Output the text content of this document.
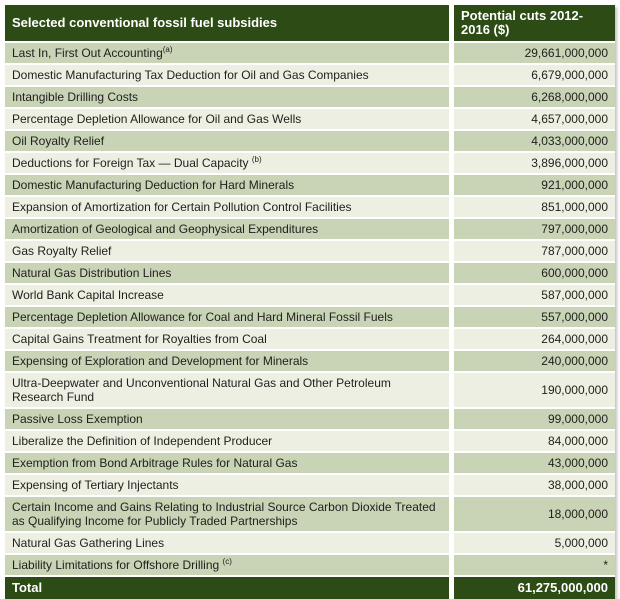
Selected conventional fossil fuel subsidies	Potential cuts 2012-2016 ($)
Last In, First Out Accounting$^{(a)}$	29,661,000,000
Domestic Manufacturing Tax Deduction for Oil and Gas Companies	6,679,000,000
Intangible Drilling Costs	6,268,000,000
Percentage Depletion Allowance for Oil and Gas Wells	4,657,000,000
Oil Royalty Relief	4,033,000,000
Deductions for Foreign Tax — Dual Capacity $^{(b)}$	3,896,000,000
Domestic Manufacturing Deduction for Hard Minerals	921,000,000
Expansion of Amortization for Certain Pollution Control Facilities	851,000,000
Amortization of Geological and Geophysical Expenditures	797,000,000
Gas Royalty Relief	787,000,000
Natural Gas Distribution Lines	600,000,000
World Bank Capital Increase	587,000,000
Percentage Depletion Allowance for Coal and Hard Mineral Fossil Fuels	557,000,000
Capital Gains Treatment for Royalties from Coal	264,000,000
Expensing of Exploration and Development for Minerals	240,000,000
Ultra-Deepwater and Unconventional Natural Gas and Other Petroleum Research Fund	190,000,000
Passive Loss Exemption	99,000,000
Liberalize the Definition of Independent Producer	84,000,000
Exemption from Bond Arbitrage Rules for Natural Gas	43,000,000
Expensing of Tertiary Injectants	38,000,000
Certain Income and Gains Relating to Industrial Source Carbon Dioxide Treated as Qualifying Income for Publicly Traded Partnerships	18,000,000
Natural Gas Gathering Lines	5,000,000
Liability Limitations for Offshore Drilling $^{(c)}$	*
Total	61,275,000,000
